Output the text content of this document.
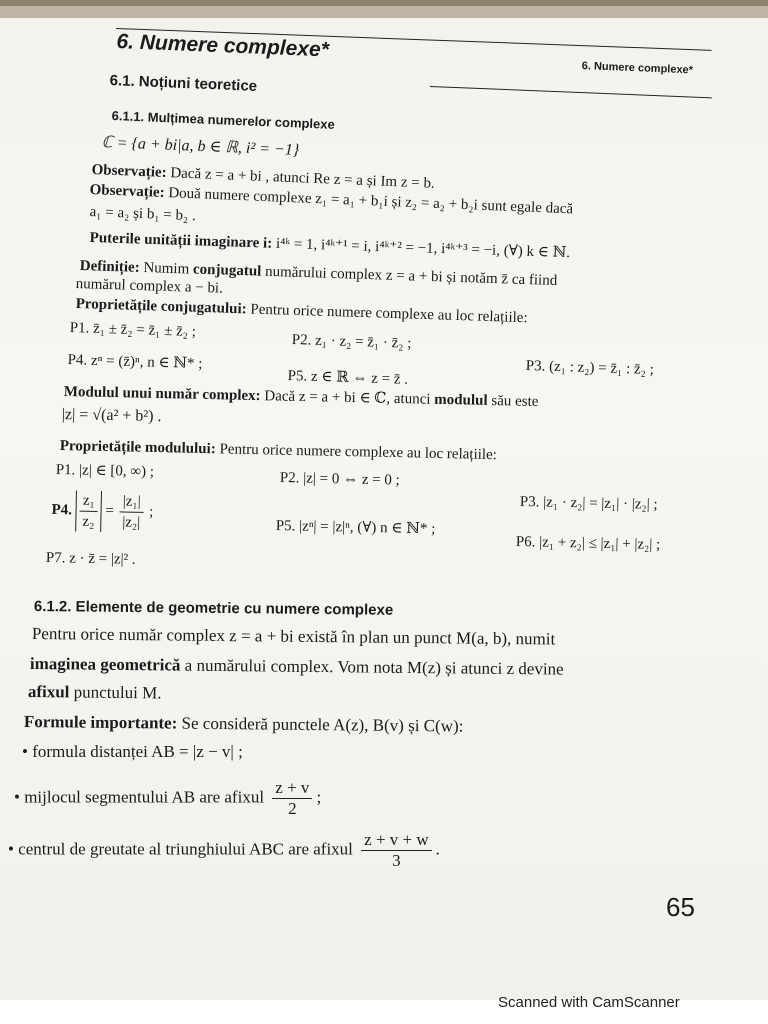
6. Numere complexe*
6. Numere complexe*
6.1. Noțiuni teoretice
6.1.1. Mulțimea numerelor complexe
ℂ = {a + bi|a, b ∈ ℝ, i² = −1}
Observație: Dacă z = a + bi , atunci Re z = a și Im z = b.
Observație: Două numere complexe z₁ = a₁ + b₁i și z₂ = a₂ + b₂i sunt egale dacă
a₁ = a₂ și b₁ = b₂ .
Puterile unității imaginare i: i⁴ᵏ = 1, i⁴ᵏ⁺¹ = i, i⁴ᵏ⁺² = −1, i⁴ᵏ⁺³ = −i, (∀) k ∈ ℕ.
Definiție: Numim conjugatul numărului complex z = a + bi și notăm z̄ ca fiind
numărul complex a − bi.
Proprietățile conjugatului: Pentru orice numere complexe au loc relațiile:
P1. z̄₁ ± z̄₂ = z̄₁ ± z̄₂ ;
P2. z₁ · z₂ = z̄₁ · z̄₂ ;
P3. (z₁ : z₂) = z̄₁ : z̄₂ ;
P4. zⁿ = (z̄)ⁿ, n ∈ ℕ* ;
P5. z ∈ ℝ ⇔ z = z̄ .
Modulul unui număr complex: Dacă z = a + bi ∈ ℂ, atunci modulul său este
|z| = √(a² + b²) .
Proprietățile modulului: Pentru orice numere complexe au loc relațiile:
P1. |z| ∈ [0, ∞) ;	P2. |z| = 0 ⇔ z = 0 ;
P3. |z₁ · z₂| = |z₁| · |z₂| ;
P4. $\frac{\text{z₁}}{\text{z₂}} = \frac{\text{|z₁|}}{\text{|z₂|}}$ ;
P5. |zⁿ| = |z|ⁿ, (∀) n ∈ ℕ* ;
P6. |z₁ + z₂| ≤ |z₁| + |z₂| ;
P7. z · z̄ = |z|² .
6.1.2. Elemente de geometrie cu numere complexe
Pentru orice număr complex z = a + bi există în plan un punct M(a, b), numit
imaginea geometrică a numărului complex. Vom nota M(z) și atunci z devine
afixul punctului M.
Formule importante: Se consideră punctele A(z), B(v) și C(w):
• formula distanței AB = |z − v| ;
• mijlocul segmentului AB are afixul $\frac{z + v}{2}$ ;
• centrul de greutate al triunghiului ABC are afixul $\frac{z + v + w}{3}$ .
65
Scanned with CamScanner
